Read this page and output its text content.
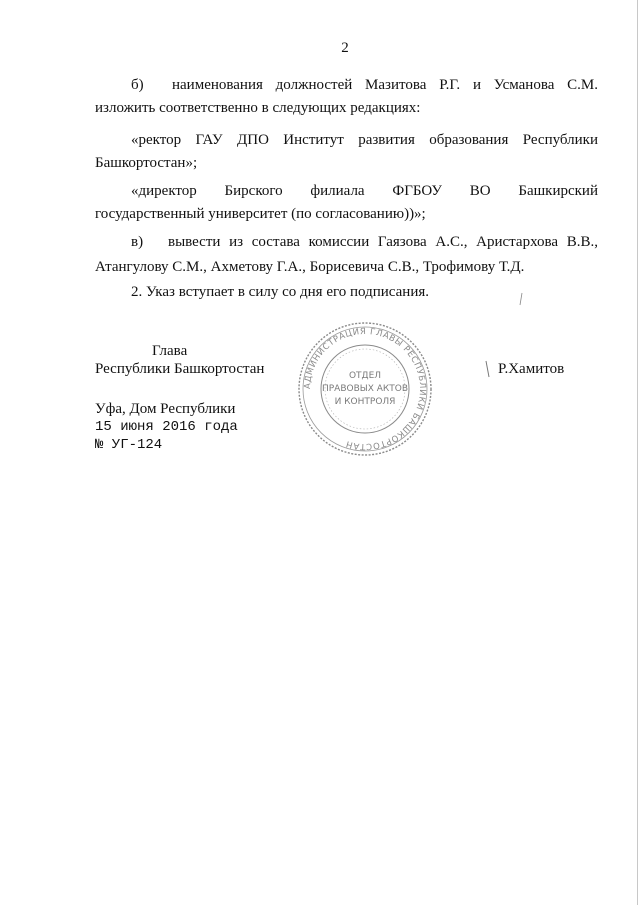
2
б) наименования должностей Мазитова Р.Г. и Усманова С.М.
изложить соответственно в следующих редакциях:
«ректор ГАУ ДПО Институт развития образования Республики
Башкортостан»;
«директор Бирского филиала ФГБОУ ВО Башкирский
государственный университет (по согласованию))»;
в) вывести из состава комиссии Гаязова А.С., Аристархова В.В.,
Атангулову С.М., Ахметову Г.А., Борисевича С.В., Трофимову Т.Д.
2. Указ вступает в силу со дня его подписания.
Глава
Республики Башкортостан	Р.Хамитов
АДМИНИСТРАЦИЯ ГЛАВЫ РЕСПУБЛИКИ БАШКОРТОСТАН
ОТДЕЛ
ПРАВОВЫХ АКТОВ
И КОНТРОЛЯ
Уфа, Дом Республики
15 июня 2016 года
№ УГ-124
